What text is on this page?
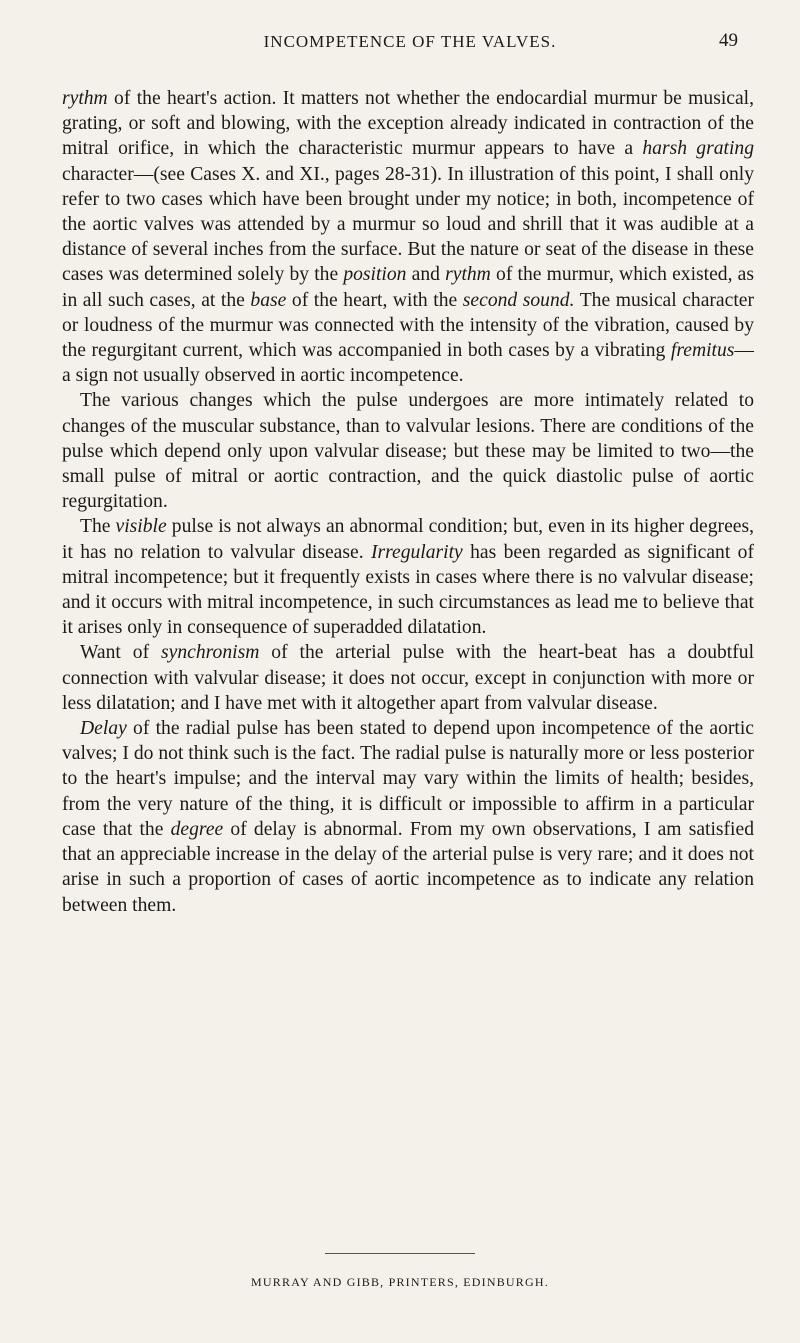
INCOMPETENCE OF THE VALVES.	49

rythm of the heart's action. It matters not whether the endocardial murmur be musical, grating, or soft and blowing, with the exception already indicated in contraction of the mitral orifice, in which the characteristic murmur appears to have a harsh grating character—(see Cases X. and XI., pages 28-31). In illustration of this point, I shall only refer to two cases which have been brought under my notice; in both, incompetence of the aortic valves was attended by a murmur so loud and shrill that it was audible at a distance of several inches from the surface. But the nature or seat of the disease in these cases was determined solely by the position and rythm of the murmur, which existed, as in all such cases, at the base of the heart, with the second sound. The musical character or loudness of the murmur was connected with the intensity of the vibration, caused by the regurgitant current, which was accompanied in both cases by a vibrating fremitus—a sign not usually observed in aortic incompetence.

The various changes which the pulse undergoes are more intimately related to changes of the muscular substance, than to valvular lesions. There are conditions of the pulse which depend only upon valvular disease; but these may be limited to two—the small pulse of mitral or aortic contraction, and the quick diastolic pulse of aortic regurgitation.

The visible pulse is not always an abnormal condition; but, even in its higher degrees, it has no relation to valvular disease. Irregularity has been regarded as significant of mitral incompetence; but it frequently exists in cases where there is no valvular disease; and it occurs with mitral incompetence, in such circumstances as lead me to believe that it arises only in consequence of superadded dilatation.

Want of synchronism of the arterial pulse with the heart-beat has a doubtful connection with valvular disease; it does not occur, except in conjunction with more or less dilatation; and I have met with it altogether apart from valvular disease.

Delay of the radial pulse has been stated to depend upon incompetence of the aortic valves; I do not think such is the fact. The radial pulse is naturally more or less posterior to the heart's impulse; and the interval may vary within the limits of health; besides, from the very nature of the thing, it is difficult or impossible to affirm in a particular case that the degree of delay is abnormal. From my own observations, I am satisfied that an appreciable increase in the delay of the arterial pulse is very rare; and it does not arise in such a proportion of cases of aortic incompetence as to indicate any relation between them.

MURRAY AND GIBB, PRINTERS, EDINBURGH.
